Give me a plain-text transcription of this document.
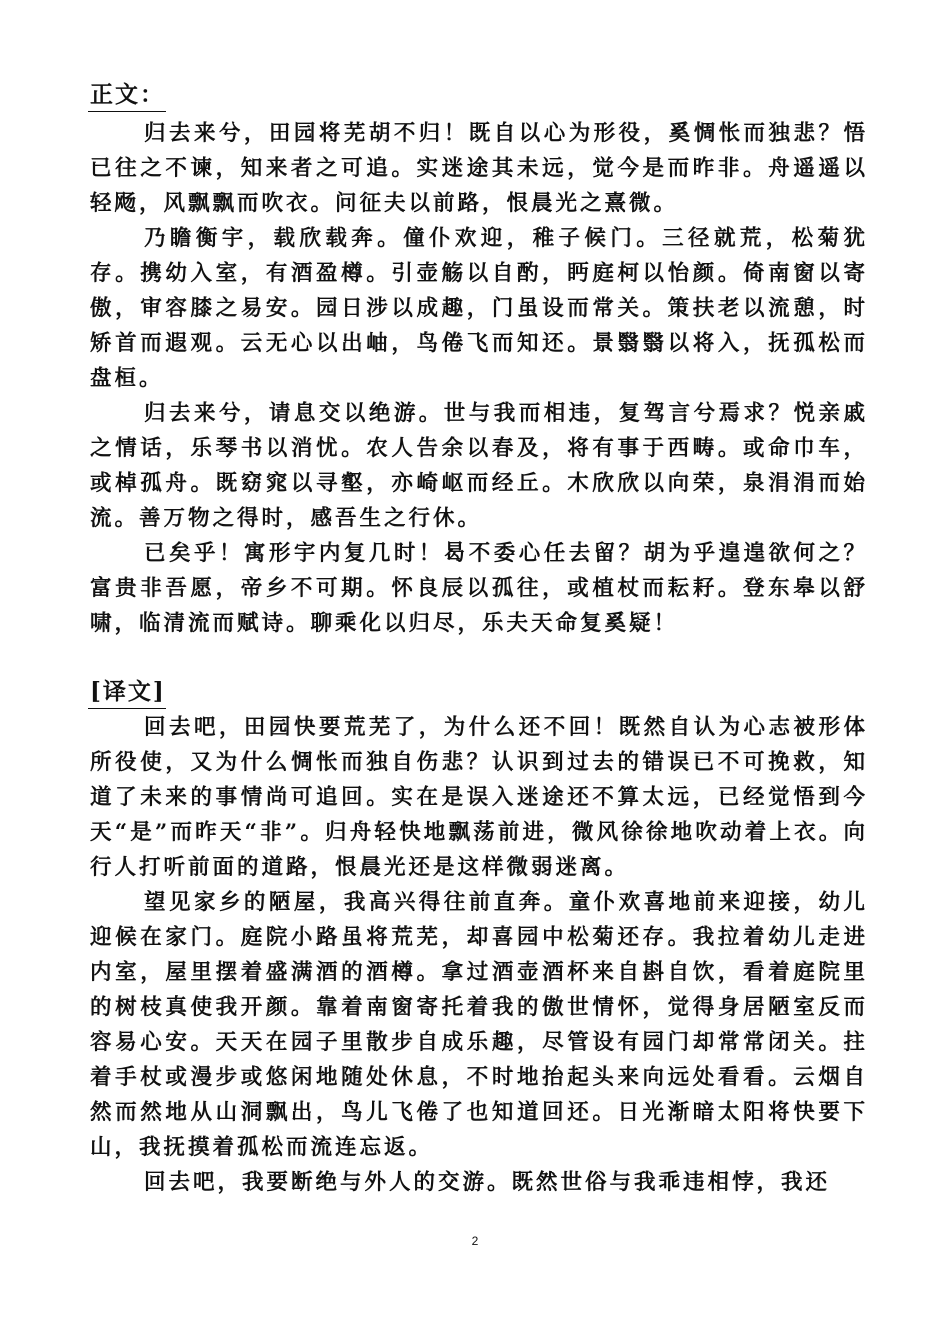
正文：

归去来兮，田园将芜胡不归！既自以心为形役，奚惆怅而独悲？悟已往之不谏，知来者之可追。实迷途其未远，觉今是而昨非。舟遥遥以轻飏，风飘飘而吹衣。问征夫以前路，恨晨光之熹微。

乃瞻衡宇，载欣载奔。僮仆欢迎，稚子候门。三径就荒，松菊犹存。携幼入室，有酒盈樽。引壶觞以自酌，眄庭柯以怡颜。倚南窗以寄傲，审容膝之易安。园日涉以成趣，门虽设而常关。策扶老以流憩，时矫首而遐观。云无心以出岫，鸟倦飞而知还。景翳翳以将入，抚孤松而盘桓。

归去来兮，请息交以绝游。世与我而相违，复驾言兮焉求？悦亲戚之情话，乐琴书以消忧。农人告余以春及，将有事于西畴。或命巾车，或棹孤舟。既窈窕以寻壑，亦崎岖而经丘。木欣欣以向荣，泉涓涓而始流。善万物之得时，感吾生之行休。

已矣乎！寓形宇内复几时！曷不委心任去留？胡为乎遑遑欲何之？富贵非吾愿，帝乡不可期。怀良辰以孤往，或植杖而耘耔。登东皋以舒啸，临清流而赋诗。聊乘化以归尽，乐夫天命复奚疑！

[译文]

回去吧，田园快要荒芜了，为什么还不回！既然自认为心志被形体所役使，又为什么惆怅而独自伤悲？认识到过去的错误已不可挽救，知道了未来的事情尚可追回。实在是误入迷途还不算太远，已经觉悟到今天“是”而昨天“非”。归舟轻快地飘荡前进，微风徐徐地吹动着上衣。向行人打听前面的道路，恨晨光还是这样微弱迷离。

望见家乡的陋屋，我高兴得往前直奔。童仆欢喜地前来迎接，幼儿迎候在家门。庭院小路虽将荒芜，却喜园中松菊还存。我拉着幼儿走进内室，屋里摆着盛满酒的酒樽。拿过酒壶酒杯来自斟自饮，看着庭院里的树枝真使我开颜。靠着南窗寄托着我的傲世情怀，觉得身居陋室反而容易心安。天天在园子里散步自成乐趣，尽管设有园门却常常闭关。拄着手杖或漫步或悠闲地随处休息，不时地抬起头来向远处看看。云烟自然而然地从山洞飘出，鸟儿飞倦了也知道回还。日光渐暗太阳将快要下山，我抚摸着孤松而流连忘返。

回去吧，我要断绝与外人的交游。既然世俗与我乖违相悖，我还

2
